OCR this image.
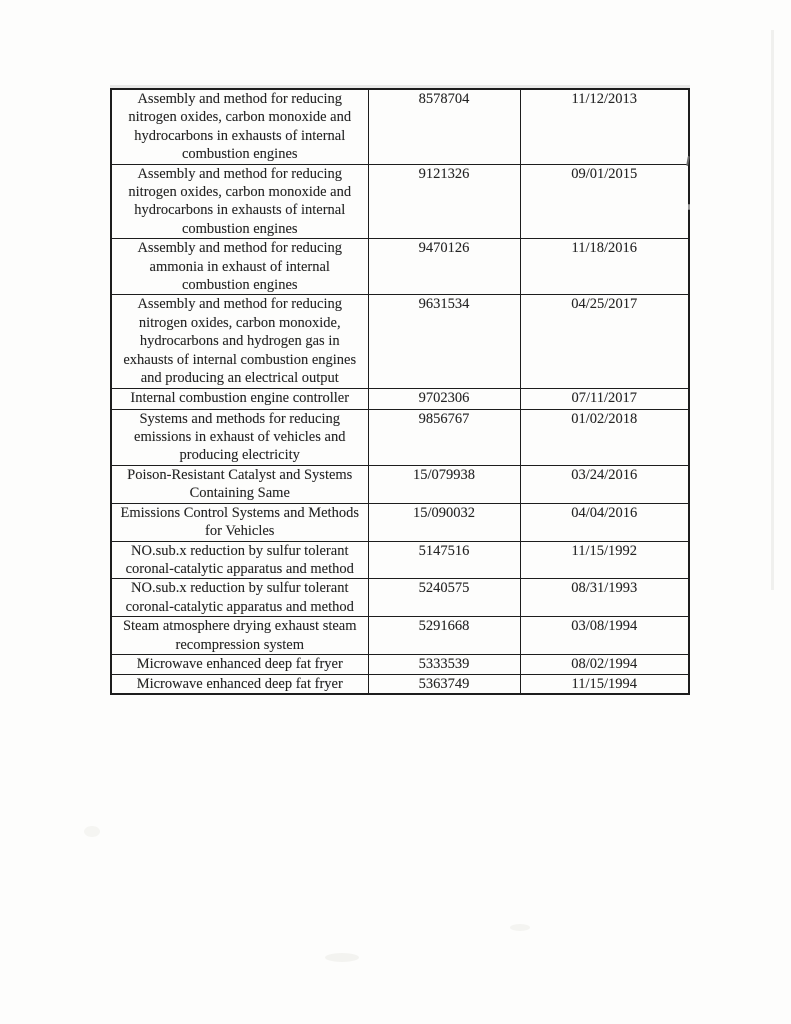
Assembly and method for reducing nitrogen oxides, carbon monoxide and hydrocarbons in exhausts of internal combustion engines	8578704	11/12/2013
Assembly and method for reducing nitrogen oxides, carbon monoxide and hydrocarbons in exhausts of internal combustion engines	9121326	09/01/2015
Assembly and method for reducing ammonia in exhaust of internal combustion engines	9470126	11/18/2016
Assembly and method for reducing nitrogen oxides, carbon monoxide, hydrocarbons and hydrogen gas in exhausts of internal combustion engines and producing an electrical output	9631534	04/25/2017
Internal combustion engine controller	9702306	07/11/2017
Systems and methods for reducing emissions in exhaust of vehicles and producing electricity	9856767	01/02/2018
Poison-Resistant Catalyst and Systems Containing Same	15/079938	03/24/2016
Emissions Control Systems and Methods for Vehicles	15/090032	04/04/2016
NO.sub.x reduction by sulfur tolerant coronal-catalytic apparatus and method	5147516	11/15/1992
NO.sub.x reduction by sulfur tolerant coronal-catalytic apparatus and method	5240575	08/31/1993
Steam atmosphere drying exhaust steam recompression system	5291668	03/08/1994
Microwave enhanced deep fat fryer	5333539	08/02/1994
Microwave enhanced deep fat fryer	5363749	11/15/1994
